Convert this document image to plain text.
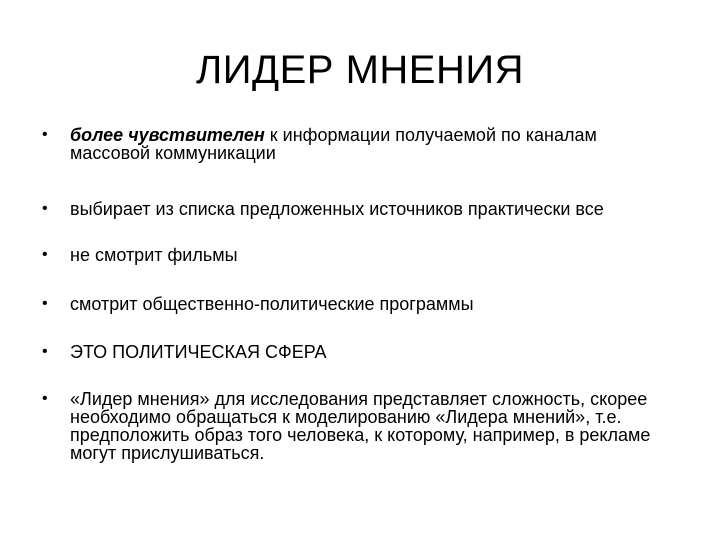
ЛИДЕР МНЕНИЯ
• более чувствителен к информации получаемой по каналам массовой коммуникации
• выбирает из списка предложенных источников практически все
• не смотрит фильмы
• смотрит общественно-политические программы
• ЭТО ПОЛИТИЧЕСКАЯ СФЕРА
• «Лидер мнения» для исследования представляет сложность, скорее необходимо обращаться к моделированию «Лидера мнений», т.е. предположить образ того человека, к которому, например, в рекламе могут прислушиваться.
